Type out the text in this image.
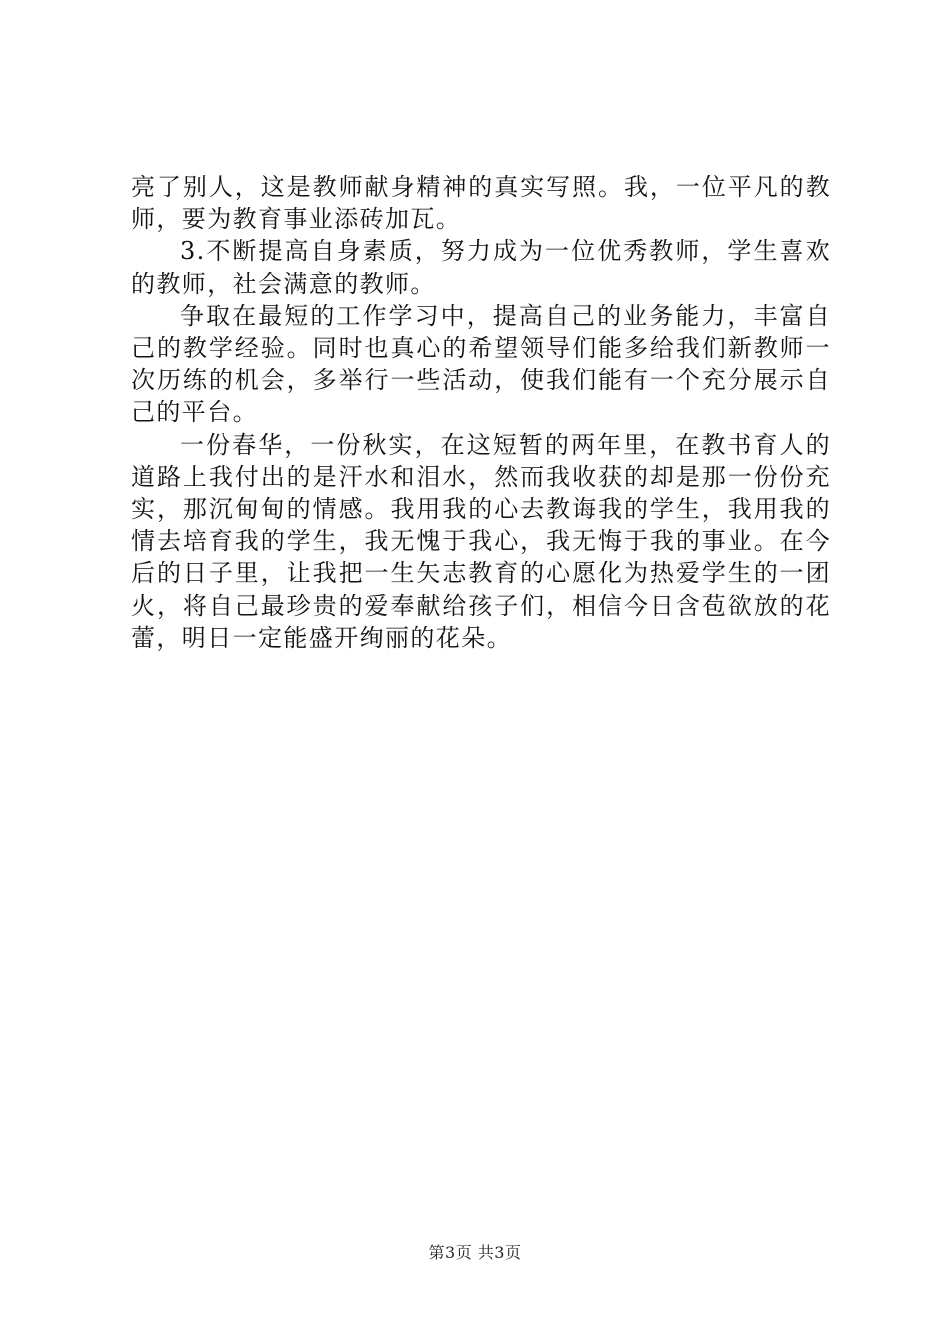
亮了别人，这是教师献身精神的真实写照。我，一位平凡的教师，要为教育事业添砖加瓦。

3.不断提高自身素质，努力成为一位优秀教师，学生喜欢的教师，社会满意的教师。

争取在最短的工作学习中，提高自己的业务能力，丰富自己的教学经验。同时也真心的希望领导们能多给我们新教师一次历练的机会，多举行一些活动，使我们能有一个充分展示自己的平台。

一份春华，一份秋实，在这短暂的两年里，在教书育人的道路上我付出的是汗水和泪水，然而我收获的却是那一份份充实，那沉甸甸的情感。我用我的心去教诲我的学生，我用我的情去培育我的学生，我无愧于我心，我无悔于我的事业。在今后的日子里，让我把一生矢志教育的心愿化为热爱学生的一团火，将自己最珍贵的爱奉献给孩子们，相信今日含苞欲放的花蕾，明日一定能盛开绚丽的花朵。

第3页 共3页
